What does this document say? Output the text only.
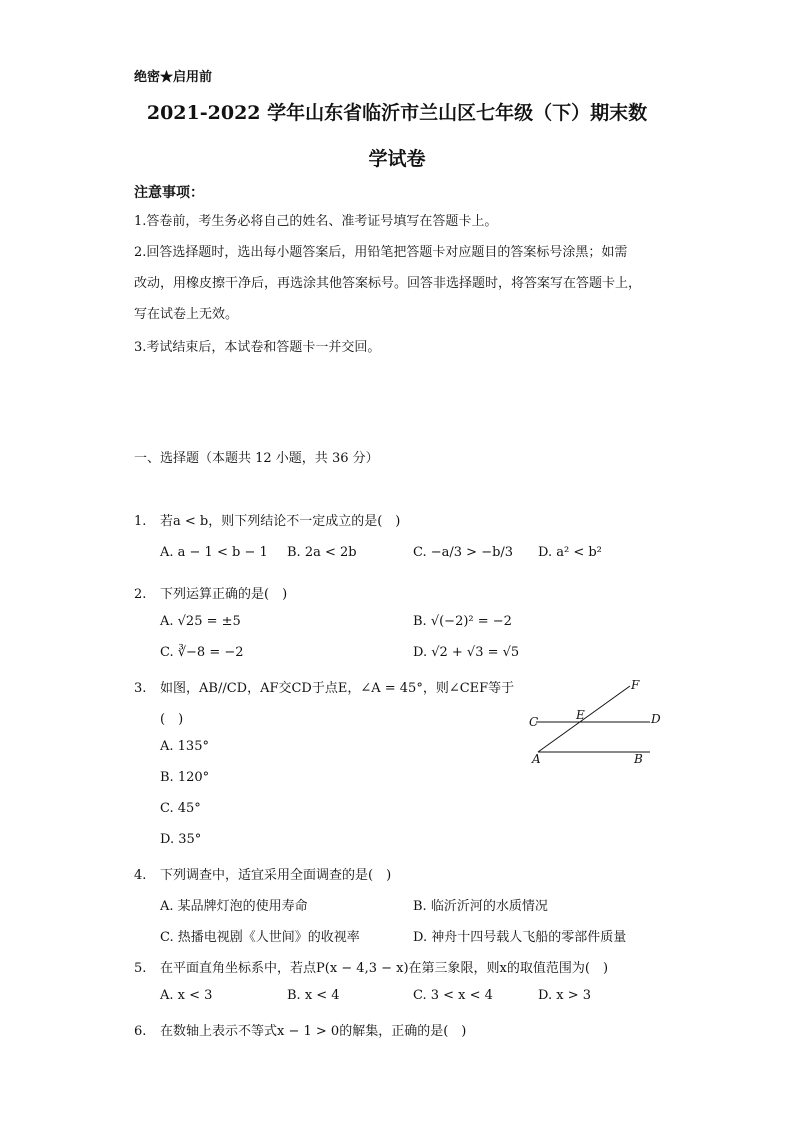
绝密★启用前
2021-2022 学年山东省临沂市兰山区七年级（下）期末数
学试卷
注意事项：
1.答卷前，考生务必将自己的姓名、准考证号填写在答题卡上。
2.回答选择题时，选出每小题答案后，用铅笔把答题卡对应题目的答案标号涂黑；如需
改动，用橡皮擦干净后，再选涂其他答案标号。回答非选择题时，将答案写在答题卡上，
写在试卷上无效。
3.考试结束后，本试卷和答题卡一并交回。
一、选择题（本题共 12 小题，共 36 分）
1. 若a < b，则下列结论不一定成立的是(　)
A. a − 1 < b − 1 B. 2a < 2b	C. −a/3 > −b/3 D. a² < b²
2. 下列运算正确的是(　)
A. √25 = ±5	B. √(−2)² = −2
C. ∛−8 = −2	D. √2 + √3 = √5
3. 如图，AB//CD，AF交CD于点E，∠A = 45°，则∠CEF等于
(　)
A. 135°
B. 120°
C. 45°
D. 35°
F
C	E	D
A	B
4. 下列调查中，适宜采用全面调查的是(　)
A. 某品牌灯泡的使用寿命	B. 临沂沂河的水质情况
C. 热播电视剧《人世间》的收视率	D. 神舟十四号载人飞船的零部件质量
5. 在平面直角坐标系中，若点P(x − 4,3 − x)在第三象限，则x的取值范围为(　)
A. x < 3	B. x < 4	C. 3 < x < 4	D. x > 3
6. 在数轴上表示不等式x − 1 > 0的解集，正确的是(　)
